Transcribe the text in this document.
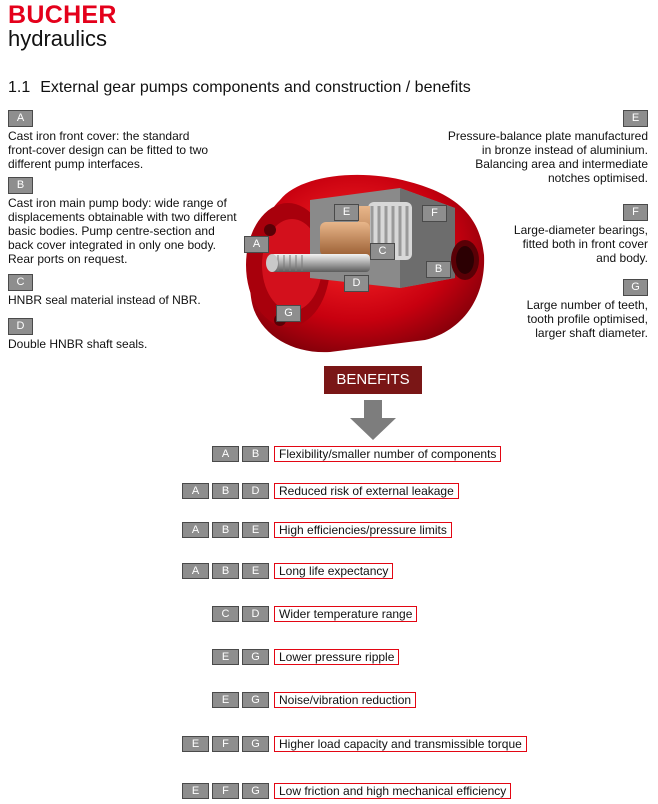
BUCHER
hydraulics
1.1 External gear pumps components and construction / benefits
A

Cast iron front cover: the standard
front-cover design can be fitted to two
different pump interfaces.

B

Cast iron main pump body: wide range of
displacements obtainable with two different
basic bodies. Pump centre-section and
back cover integrated in only one body.
Rear ports on request.

C

HNBR seal material instead of NBR.

D

Double HNBR shaft seals.

E

Pressure-balance plate manufactured
in bronze instead of aluminium.
Balancing area and intermediate
notches optimised.

F

Large-diameter bearings,
fitted both in front cover
and body.

G

Large number of teeth,
tooth profile optimised,
larger shaft diameter.

A
B
C
D
E	F
G
BENEFITS
A	B	Flexibility/smaller number of components
A	B	D	Reduced risk of external leakage
A	B	E	High efficiencies/pressure limits
A	B	E	Long life expectancy
C	D	Wider temperature range
E	G	Lower pressure ripple
E	G	Noise/vibration reduction
E	F	G	Higher load capacity and transmissible torque
E	F	G	Low friction and high mechanical efficiency
